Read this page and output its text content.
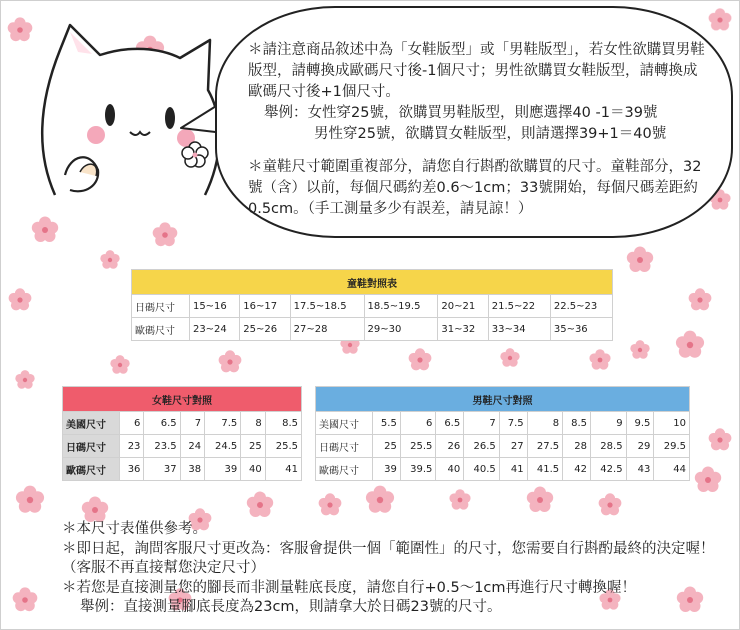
＊請注意商品敘述中為「女鞋版型」或「男鞋版型」，若女性欲購買男鞋版型，請轉換成歐碼尺寸後-1個尺寸；男性欲購買女鞋版型，請轉換成歐碼尺寸後+1個尺寸。

舉例：女性穿25號，欲購買男鞋版型，則應選擇40 -1＝39號

男性穿25號，欲購買女鞋版型，則請選擇39+1＝40號

＊童鞋尺寸範圍重複部分，請您自行斟酌欲購買的尺寸。童鞋部分，32號（含）以前，每個尺碼約差0.6～1cm；33號開始，每個尺碼差距約0.5cm。（手工測量多少有誤差，請見諒！）

童鞋對照表							
日碼尺寸	15~16	16~17	17.5~18.5	18.5~19.5	20~21	21.5~22	22.5~23
歐碼尺寸	23~24	25~26	27~28	29~30	31~32	33~34	35~36
女鞋尺寸對照						
美國尺寸	6	6.5	7	7.5	8	8.5
日碼尺寸	23	23.5	24	24.5	25	25.5
歐碼尺寸	36	37	38	39	40	41
男鞋尺寸對照										
美國尺寸	5.5	6	6.5	7	7.5	8	8.5	9	9.5	10
日碼尺寸	25	25.5	26	26.5	27	27.5	28	28.5	29	29.5
歐碼尺寸	39	39.5	40	40.5	41	41.5	42	42.5	43	44

＊本尺寸表僅供參考。

＊即日起，詢問客服尺寸更改為：客服會提供一個「範圍性」的尺寸，您需要自行斟酌最終的決定喔！（客服不再直接幫您決定尺寸）

＊若您是直接測量您的腳長而非測量鞋底長度，請您自行+0.5～1cm再進行尺寸轉換喔！

舉例：直接測量腳底長度為23cm，則請拿大於日碼23號的尺寸。
